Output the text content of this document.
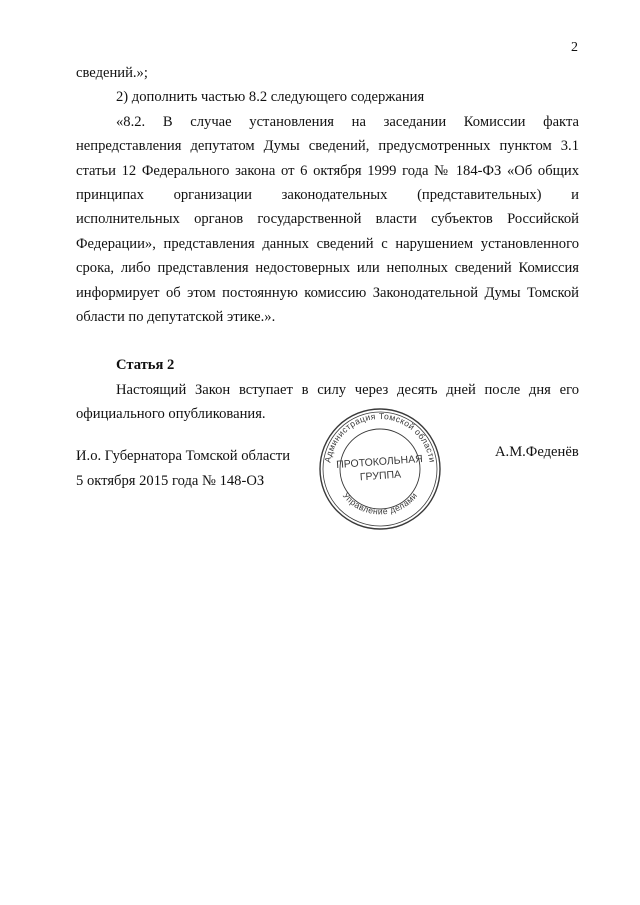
2

сведений.»;

2) дополнить частью 8.2 следующего содержания

«8.2. В случае установления на заседании Комиссии факта непредставления депутатом Думы сведений, предусмотренных пунктом 3.1 статьи 12 Федерального закона от 6 октября 1999 года № 184-ФЗ «Об общих принципах организации законодательных (представительных) и исполнительных органов государственной власти субъектов Российской Федерации», представления данных сведений с нарушением установленного срока, либо представления недостоверных или неполных сведений Комиссия информирует об этом постоянную комиссию Законодательной Думы Томской области по депутатской этике.».

Статья 2

Настоящий Закон вступает в силу через десять дней после дня его официального опубликования.

И.о. Губернатора Томской области
5 октября 2015 года № 148-ОЗ
А.М.Феденёв
Администрация Томской области
Управление делами
ПРОТОКОЛЬНАЯ
ГРУППА
